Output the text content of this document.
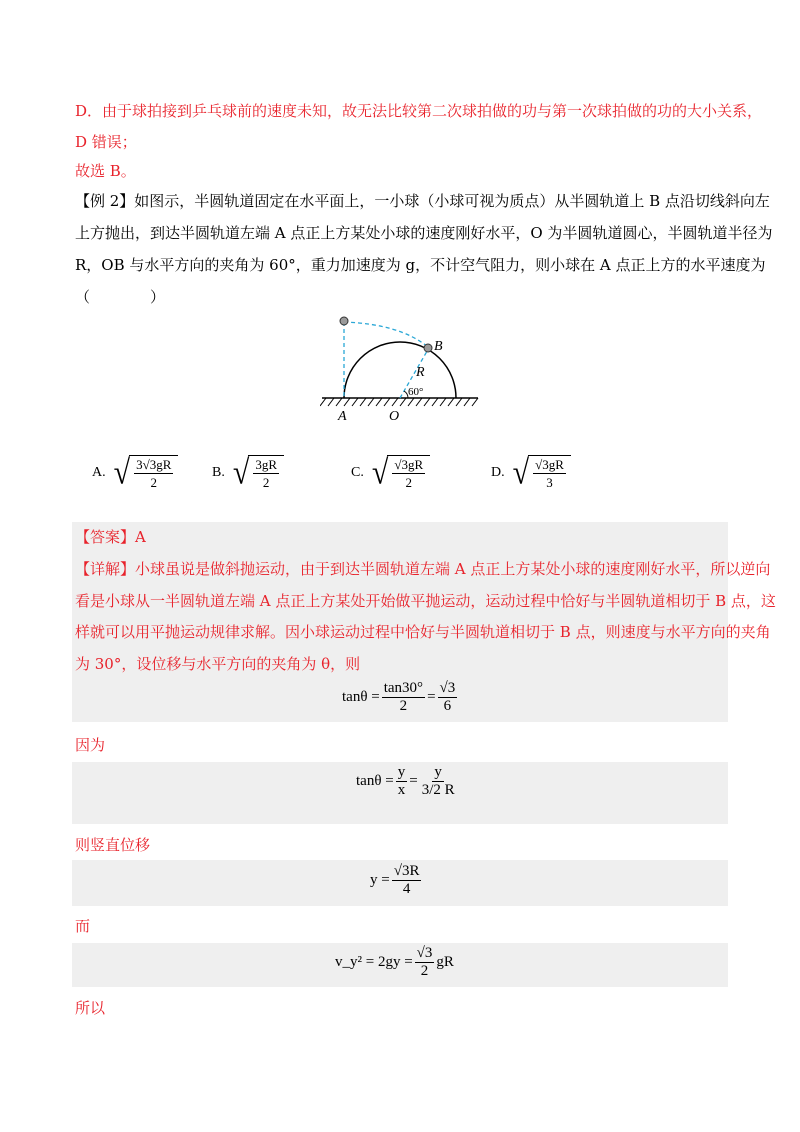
D．由于球拍接到乒乓球前的速度未知，故无法比较第二次球拍做的功与第一次球拍做的功的大小关系，
D 错误；
故选 B。
【例 2】如图示，半圆轨道固定在水平面上，一小球（小球可视为质点）从半圆轨道上 B 点沿切线斜向左
上方抛出，到达半圆轨道左端 A 点正上方某处小球的速度刚好水平，O 为半圆轨道圆心，半圆轨道半径为
R，OB 与水平方向的夹角为 60°，重力加速度为 g，不计空气阻力，则小球在 A 点正上方的水平速度为
（　　　　）
B
R
60°
A	O
A. √ $\frac{3√3gR}{2}$	B. √ $\frac{3gR}{2}$	C. √ $\frac{√3gR}{2}$	D. √ $\frac{√3gR}{3}$
【答案】A
【详解】小球虽说是做斜抛运动，由于到达半圆轨道左端 A 点正上方某处小球的速度刚好水平，所以逆向
看是小球从一半圆轨道左端 A 点正上方某处开始做平抛运动，运动过程中恰好与半圆轨道相切于 B 点，这
样就可以用平抛运动规律求解。因小球运动过程中恰好与半圆轨道相切于 B 点，则速度与水平方向的夹角
为 30°，设位移与水平方向的夹角为 θ，则
$\tan\theta = \frac{\tan 30^\circ}{2} = \frac{√3}{6}$
因为
$\tan\theta = \frac{y}{x} = \frac{y}{3/2 R}$
则竖直位移
$y = \frac{√3R}{4}$
而
v_y² = $2gy = \frac{√3}{2}$ gR
所以
